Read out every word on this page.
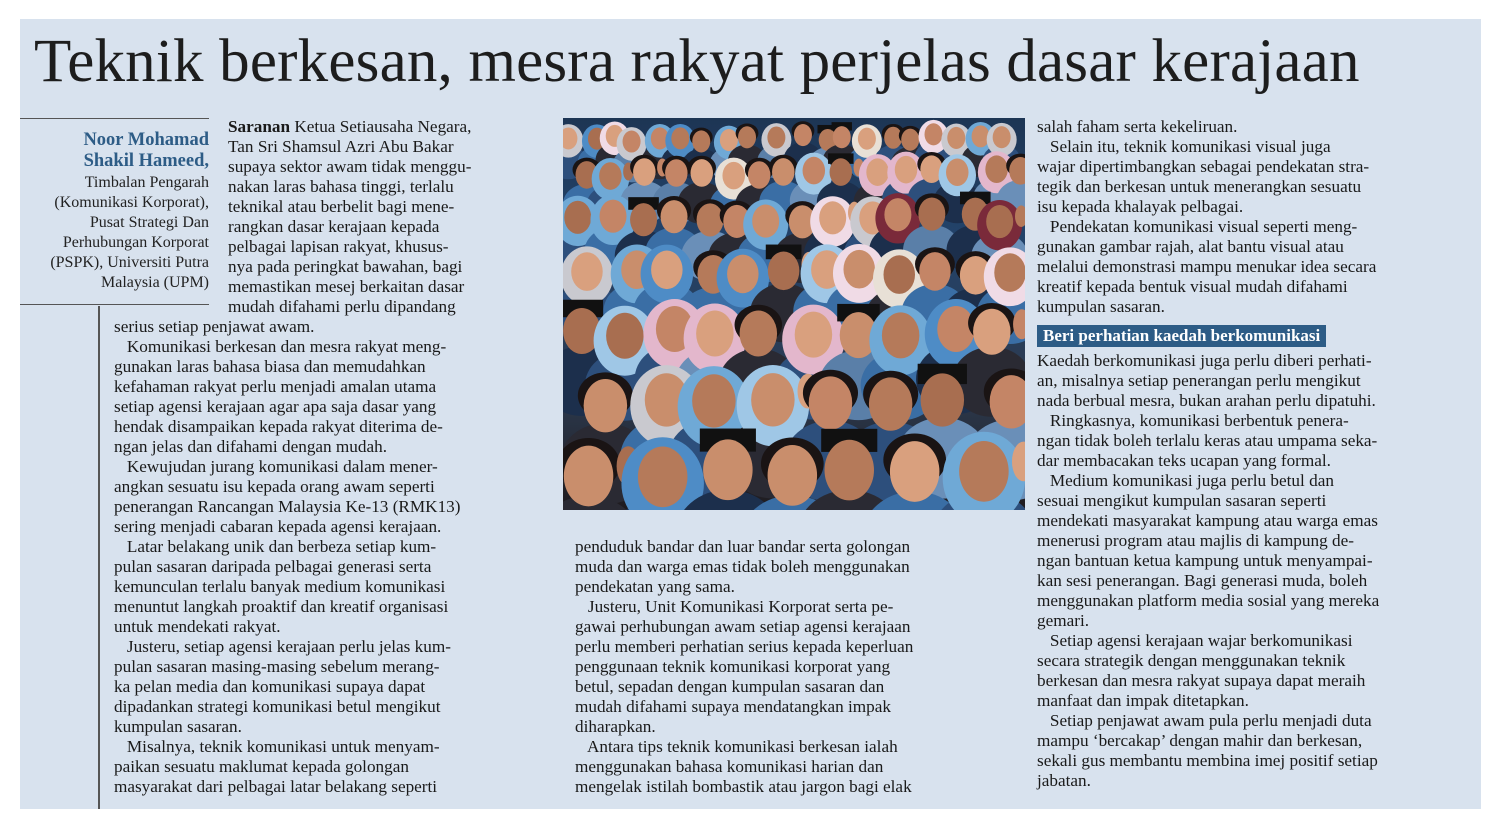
Teknik berkesan, mesra rakyat perjelas dasar kerajaan
Noor Mohamad
Shakil Hameed,
Timbalan Pengarah
(Komunikasi Korporat),
Pusat Strategi Dan
Perhubungan Korporat
(PSPK), Universiti Putra
Malaysia (UPM)

Saranan Ketua Setiausaha Negara,

Tan Sri Shamsul Azri Abu Bakar

supaya sektor awam tidak menggu-

nakan laras bahasa tinggi, terlalu

teknikal atau berbelit bagi mene-

rangkan dasar kerajaan kepada

pelbagai lapisan rakyat, khusus-

nya pada peringkat bawahan, bagi

memastikan mesej berkaitan dasar

mudah difahami perlu dipandang

serius setiap penjawat awam.

Komunikasi berkesan dan mesra rakyat meng-

gunakan laras bahasa biasa dan memudahkan

kefahaman rakyat perlu menjadi amalan utama

setiap agensi kerajaan agar apa saja dasar yang

hendak disampaikan kepada rakyat diterima de-

ngan jelas dan difahami dengan mudah.

Kewujudan jurang komunikasi dalam mener-

angkan sesuatu isu kepada orang awam seperti

penerangan Rancangan Malaysia Ke-13 (RMK13)

sering menjadi cabaran kepada agensi kerajaan.

Latar belakang unik dan berbeza setiap kum-

pulan sasaran daripada pelbagai generasi serta

kemunculan terlalu banyak medium komunikasi

menuntut langkah proaktif dan kreatif organisasi

untuk mendekati rakyat.

Justeru, setiap agensi kerajaan perlu jelas kum-

pulan sasaran masing-masing sebelum merang-

ka pelan media dan komunikasi supaya dapat

dipadankan strategi komunikasi betul mengikut

kumpulan sasaran.

Misalnya, teknik komunikasi untuk menyam-

paikan sesuatu maklumat kepada golongan

masyarakat dari pelbagai latar belakang seperti

penduduk bandar dan luar bandar serta golongan

muda dan warga emas tidak boleh menggunakan

pendekatan yang sama.

Justeru, Unit Komunikasi Korporat serta pe-

gawai perhubungan awam setiap agensi kerajaan

perlu memberi perhatian serius kepada keperluan

penggunaan teknik komunikasi korporat yang

betul, sepadan dengan kumpulan sasaran dan

mudah difahami supaya mendatangkan impak

diharapkan.

Antara tips teknik komunikasi berkesan ialah

menggunakan bahasa komunikasi harian dan

mengelak istilah bombastik atau jargon bagi elak

salah faham serta kekeliruan.

Selain itu, teknik komunikasi visual juga

wajar dipertimbangkan sebagai pendekatan stra-

tegik dan berkesan untuk menerangkan sesuatu

isu kepada khalayak pelbagai.

Pendekatan komunikasi visual seperti meng-

gunakan gambar rajah, alat bantu visual atau

melalui demonstrasi mampu menukar idea secara

kreatif kepada bentuk visual mudah difahami

kumpulan sasaran.

Beri perhatian kaedah berkomunikasi

Kaedah berkomunikasi juga perlu diberi perhati-

an, misalnya setiap penerangan perlu mengikut

nada berbual mesra, bukan arahan perlu dipatuhi.

Ringkasnya, komunikasi berbentuk penera-

ngan tidak boleh terlalu keras atau umpama seka-

dar membacakan teks ucapan yang formal.

Medium komunikasi juga perlu betul dan

sesuai mengikut kumpulan sasaran seperti

mendekati masyarakat kampung atau warga emas

menerusi program atau majlis di kampung de-

ngan bantuan ketua kampung untuk menyampai-

kan sesi penerangan. Bagi generasi muda, boleh

menggunakan platform media sosial yang mereka

gemari.

Setiap agensi kerajaan wajar berkomunikasi

secara strategik dengan menggunakan teknik

berkesan dan mesra rakyat supaya dapat meraih

manfaat dan impak ditetapkan.

Setiap penjawat awam pula perlu menjadi duta

mampu ‘bercakap’ dengan mahir dan berkesan,

sekali gus membantu membina imej positif setiap

jabatan.
